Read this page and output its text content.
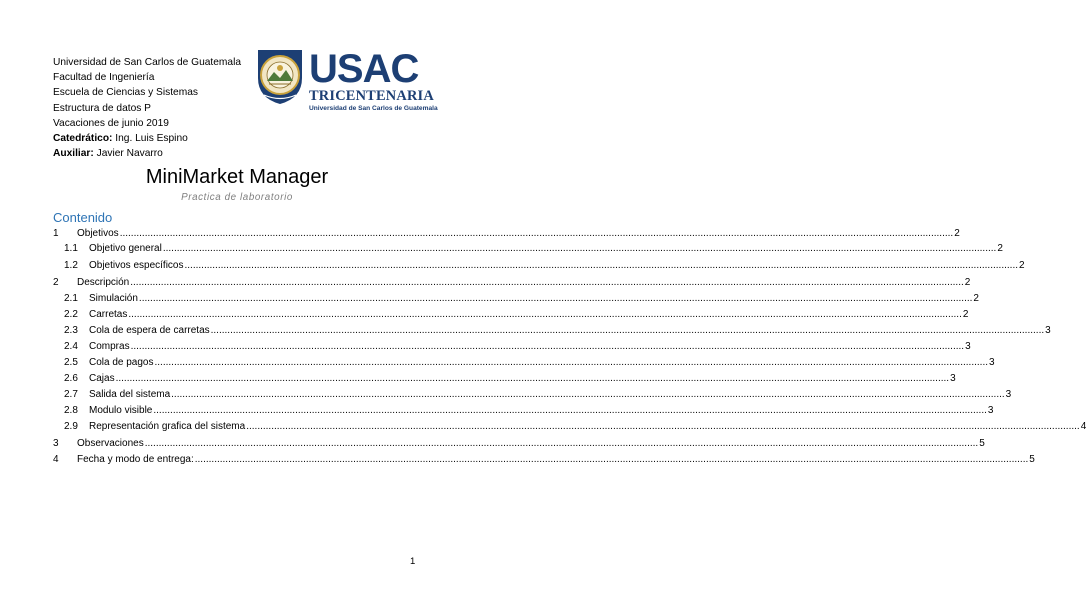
Universidad de San Carlos de Guatemala
Facultad de Ingeniería
Escuela de Ciencias y Sistemas
Estructura de datos P
Vacaciones de junio 2019
Catedrático: Ing. Luis Espino
Auxiliar: Javier Navarro
USAC
TRICENTENARIA
Universidad de San Carlos de Guatemala
MiniMarket Manager
Practica de laboratorio
Contenido
1	Objetivos ............................................................................................................................................................................................................................................................................................................ 2
1.1	Objetivo general ............................................................................................................................................................................................................................................................................................................ 2
1.2	Objetivos específicos ............................................................................................................................................................................................................................................................................................................ 2
2	Descripción ............................................................................................................................................................................................................................................................................................................ 2
2.1	Simulación ............................................................................................................................................................................................................................................................................................................ 2
2.2	Carretas ............................................................................................................................................................................................................................................................................................................ 2
2.3	Cola de espera de carretas ............................................................................................................................................................................................................................................................................................................ 3
2.4	Compras ............................................................................................................................................................................................................................................................................................................ 3
2.5	Cola de pagos ............................................................................................................................................................................................................................................................................................................ 3
2.6	Cajas ............................................................................................................................................................................................................................................................................................................ 3
2.7	Salida del sistema ............................................................................................................................................................................................................................................................................................................ 3
2.8	Modulo visible ............................................................................................................................................................................................................................................................................................................ 3
2.9	Representación grafica del sistema ............................................................................................................................................................................................................................................................................................................ 4
3	Observaciones ............................................................................................................................................................................................................................................................................................................ 5
4	Fecha y modo de entrega: ............................................................................................................................................................................................................................................................................................................ 5
1
